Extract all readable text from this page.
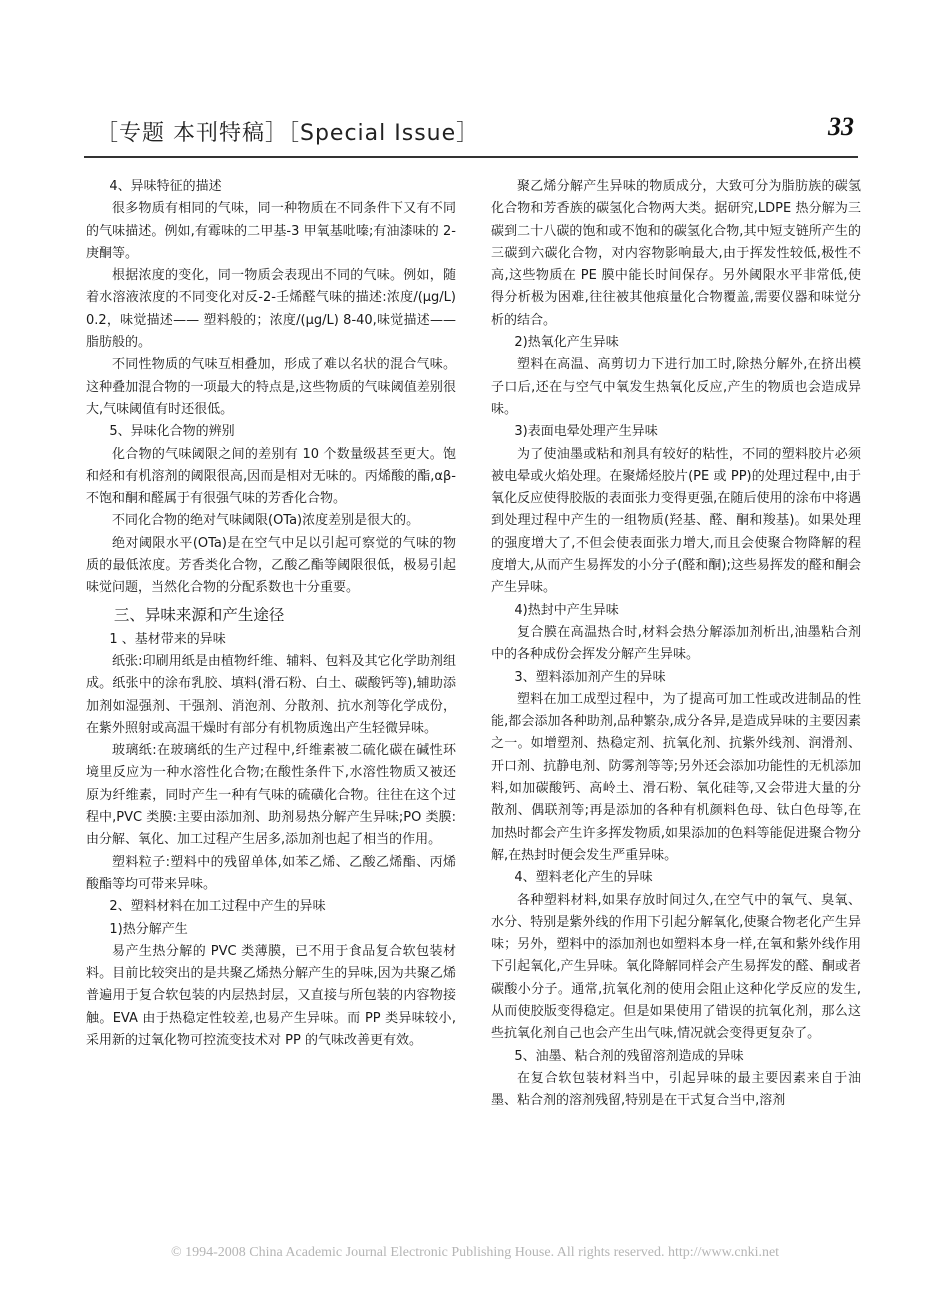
［专题 本刊特稿］［Special Issue］	33

4、异味特征的描述

很多物质有相同的气味，同一种物质在不同条件下又有不同的气味描述。例如,有霉味的二甲基-3 甲氧基吡嗪;有油漆味的 2-庚酮等。

根据浓度的变化，同一物质会表现出不同的气味。例如，随着水溶液浓度的不同变化对反-2-壬烯醛气味的描述:浓度/(μg/L) 0.2，味觉描述—— 塑料般的；浓度/(μg/L) 8-40,味觉描述—— 脂肪般的。

不同性物质的气味互相叠加，形成了难以名状的混合气味。这种叠加混合物的一项最大的特点是,这些物质的气味阈值差别很大,气味阈值有时还很低。

5、异味化合物的辨别

化合物的气味阈限之间的差别有 10 个数量级甚至更大。饱和烃和有机溶剂的阈限很高,因而是相对无味的。丙烯酸的酯,αβ-不饱和酮和醛属于有很强气味的芳香化合物。

不同化合物的绝对气味阈限(OTa)浓度差别是很大的。

绝对阈限水平(OTa)是在空气中足以引起可察觉的气味的物质的最低浓度。芳香类化合物，乙酸乙酯等阈限很低，极易引起味觉问题，当然化合物的分配系数也十分重要。

三、异味来源和产生途径

1 、基材带来的异味

纸张:印刷用纸是由植物纤维、辅料、包料及其它化学助剂组成。纸张中的涂布乳胶、填料(滑石粉、白土、碳酸钙等),辅助添加剂如湿强剂、干强剂、消泡剂、分散剂、抗水剂等化学成份，在紫外照射或高温干燥时有部分有机物质逸出产生轻微异味。

玻璃纸:在玻璃纸的生产过程中,纤维素被二硫化碳在碱性环境里反应为一种水溶性化合物;在酸性条件下,水溶性物质又被还原为纤维素，同时产生一种有气味的硫磺化合物。往往在这个过程中,PVC 类膜:主要由添加剂、助剂易热分解产生异味;PO 类膜:由分解、氧化、加工过程产生居多,添加剂也起了相当的作用。

塑料粒子:塑料中的残留单体,如苯乙烯、乙酸乙烯酯、丙烯酸酯等均可带来异味。

2、塑料材料在加工过程中产生的异味

1)热分解产生

易产生热分解的 PVC 类薄膜，已不用于食品复合软包装材料。目前比较突出的是共聚乙烯热分解产生的异味,因为共聚乙烯普遍用于复合软包装的内层热封层，又直接与所包装的内容物接触。EVA 由于热稳定性较差,也易产生异味。而 PP 类异味较小,采用新的过氧化物可控流变技术对 PP 的气味改善更有效。

聚乙烯分解产生异味的物质成分，大致可分为脂肪族的碳氢化合物和芳香族的碳氢化合物两大类。据研究,LDPE 热分解为三碳到二十八碳的饱和或不饱和的碳氢化合物,其中短支链所产生的三碳到六碳化合物，对内容物影响最大,由于挥发性较低,极性不高,这些物质在 PE 膜中能长时间保存。另外阈限水平非常低,使得分析极为困难,往往被其他痕量化合物覆盖,需要仪器和味觉分析的结合。

2)热氧化产生异味

塑料在高温、高剪切力下进行加工时,除热分解外,在挤出模子口后,还在与空气中氧发生热氧化反应,产生的物质也会造成异味。

3)表面电晕处理产生异味

为了使油墨或粘和剂具有较好的粘性，不同的塑料胶片必须被电晕或火焰处理。在聚烯烃胶片(PE 或 PP)的处理过程中,由于氧化反应使得胶版的表面张力变得更强,在随后使用的涂布中将遇到处理过程中产生的一组物质(羟基、醛、酮和羧基)。如果处理的强度增大了,不但会使表面张力增大,而且会使聚合物降解的程度增大,从而产生易挥发的小分子(醛和酮);这些易挥发的醛和酮会产生异味。

4)热封中产生异味

复合膜在高温热合时,材料会热分解添加剂析出,油墨粘合剂中的各种成份会挥发分解产生异味。

3、塑料添加剂产生的异味

塑料在加工成型过程中，为了提高可加工性或改进制品的性能,都会添加各种助剂,品种繁杂,成分各异,是造成异味的主要因素之一。如增塑剂、热稳定剂、抗氧化剂、抗紫外线剂、润滑剂、开口剂、抗静电剂、防雾剂等等;另外还会添加功能性的无机添加料,如加碳酸钙、高岭土、滑石粉、氧化硅等,又会带进大量的分散剂、偶联剂等;再是添加的各种有机颜料色母、钛白色母等,在加热时都会产生许多挥发物质,如果添加的色料等能促进聚合物分解,在热封时便会发生严重异味。

4、塑料老化产生的异味

各种塑料材料,如果存放时间过久,在空气中的氧气、臭氧、水分、特别是紫外线的作用下引起分解氧化,使聚合物老化产生异味；另外，塑料中的添加剂也如塑料本身一样,在氧和紫外线作用下引起氧化,产生异味。氧化降解同样会产生易挥发的醛、酮或者碳酸小分子。通常,抗氧化剂的使用会阻止这种化学反应的发生,从而使胶版变得稳定。但是如果使用了错误的抗氧化剂，那么这些抗氧化剂自己也会产生出气味,情况就会变得更复杂了。

5、油墨、粘合剂的残留溶剂造成的异味

在复合软包装材料当中，引起异味的最主要因素来自于油墨、粘合剂的溶剂残留,特别是在干式复合当中,溶剂

© 1994-2008 China Academic Journal Electronic Publishing House. All rights reserved. http://www.cnki.net
